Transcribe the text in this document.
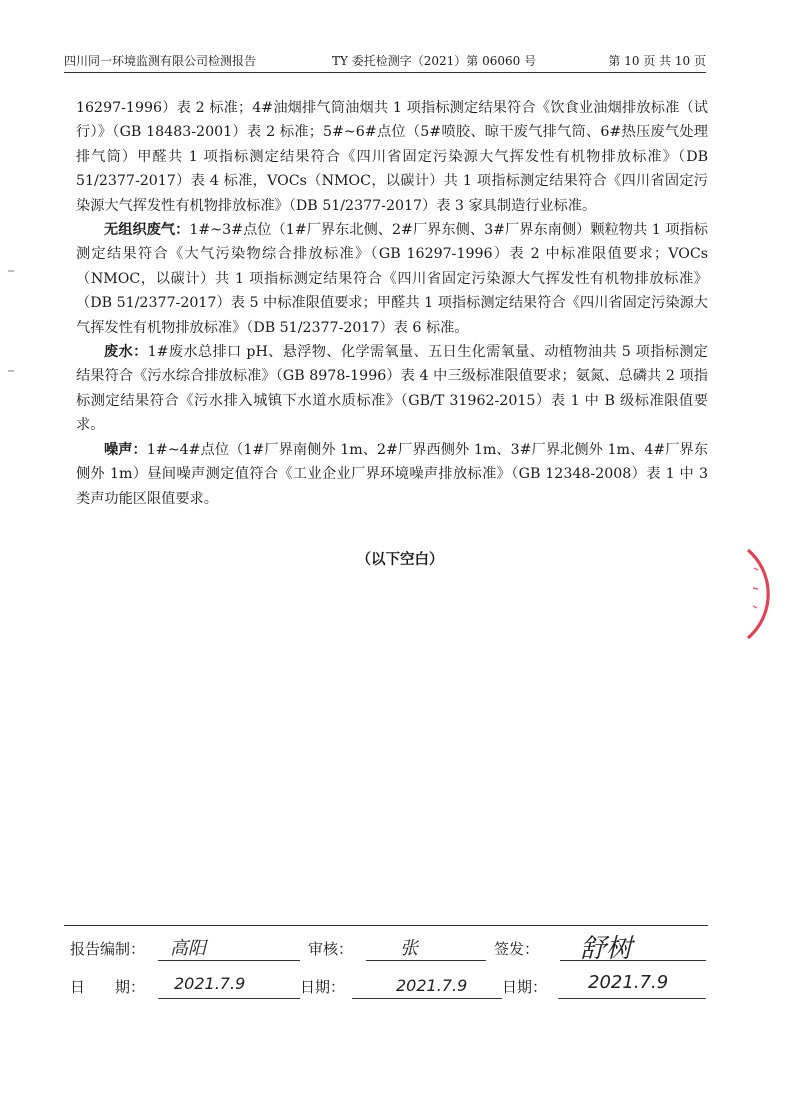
四川同一环境监测有限公司检测报告	TY 委托检测字（2021）第 06060 号	第 10 页 共 10 页

16297-1996）表 2 标准；4#油烟排气筒油烟共 1 项指标测定结果符合《饮食业油烟排放标准（试行）》（GB 18483-2001）表 2 标准；5#~6#点位（5#喷胶、晾干废气排气筒、6#热压废气处理排气筒）甲醛共 1 项指标测定结果符合《四川省固定污染源大气挥发性有机物排放标准》（DB 51/2377-2017）表 4 标准，VOCs（NMOC，以碳计）共 1 项指标测定结果符合《四川省固定污染源大气挥发性有机物排放标准》（DB 51/2377-2017）表 3 家具制造行业标准。

无组织废气：1#~3#点位（1#厂界东北侧、2#厂界东侧、3#厂界东南侧）颗粒物共 1 项指标测定结果符合《大气污染物综合排放标准》（GB 16297-1996）表 2 中标准限值要求；VOCs（NMOC，以碳计）共 1 项指标测定结果符合《四川省固定污染源大气挥发性有机物排放标准》（DB 51/2377-2017）表 5 中标准限值要求；甲醛共 1 项指标测定结果符合《四川省固定污染源大气挥发性有机物排放标准》（DB 51/2377-2017）表 6 标准。

废水：1#废水总排口 pH、悬浮物、化学需氧量、五日生化需氧量、动植物油共 5 项指标测定结果符合《污水综合排放标准》（GB 8978-1996）表 4 中三级标准限值要求；氨氮、总磷共 2 项指标测定结果符合《污水排入城镇下水道水质标准》（GB/T 31962-2015）表 1 中 B 级标准限值要求。

噪声：1#~4#点位（1#厂界南侧外 1m、2#厂界西侧外 1m、3#厂界北侧外 1m、4#厂界东侧外 1m）昼间噪声测定值符合《工业企业厂界环境噪声排放标准》（GB 12348-2008）表 1 中 3 类声功能区限值要求。

（以下空白）
报告编制： 高阳	审核：	张	签发： 舒树
日　　期： 2021.7.9	日期：	2021.7.9 日期： 2021.7.9
